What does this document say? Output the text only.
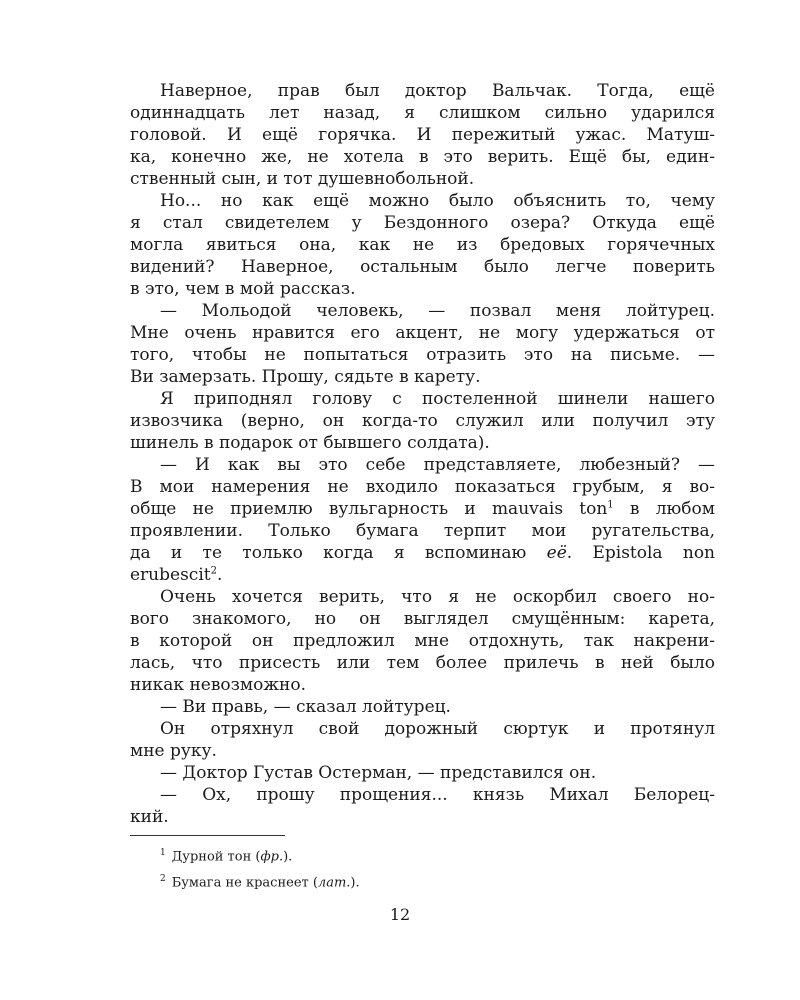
Наверное, прав был доктор Вальчак. Тогда, ещё
одиннадцать лет назад, я слишком сильно ударился
головой. И ещё горячка. И пережитый ужас. Матуш-
ка, конечно же, не хотела в это верить. Ещё бы, един-
ственный сын, и тот душевнобольной.
Но... но как ещё можно было объяснить то, чему
я стал свидетелем у Бездонного озера? Откуда ещё
могла явиться она, как не из бредовых горячечных
видений? Наверное, остальным было легче поверить
в это, чем в мой рассказ.
— Мольодой человекь, — позвал меня лойтурец.
Мне очень нравится его акцент, не могу удержаться от
того, чтобы не попытаться отразить это на письме. —
Ви замерзать. Прошу, сядьте в карету.
Я приподнял голову с постеленной шинели нашего
извозчика (верно, он когда-то служил или получил эту
шинель в подарок от бывшего солдата).
— И как вы это себе представляете, любезный? —
В мои намерения не входило показаться грубым, я во-
обще не приемлю вульгарность и mauvais ton$^1$ в любом
проявлении. Только бумага терпит мои ругательства,
да и те только когда я вспоминаю её. Epistola non
erubescit$^2$.
Очень хочется верить, что я не оскорбил своего но-
вого знакомого, но он выглядел смущённым: карета,
в которой он предложил мне отдохнуть, так накрени-
лась, что присесть или тем более прилечь в ней было
никак невозможно.
— Ви правь, — сказал лойтурец.
Он отряхнул свой дорожный сюртук и протянул
мне руку.
— Доктор Густав Остерман, — представился он.
— Ох, прошу прощения... князь Михал Белорец-
кий.
$^1$ Дурной тон (фр.).
$^2$ Бумага не краснеет (лат.).
12
